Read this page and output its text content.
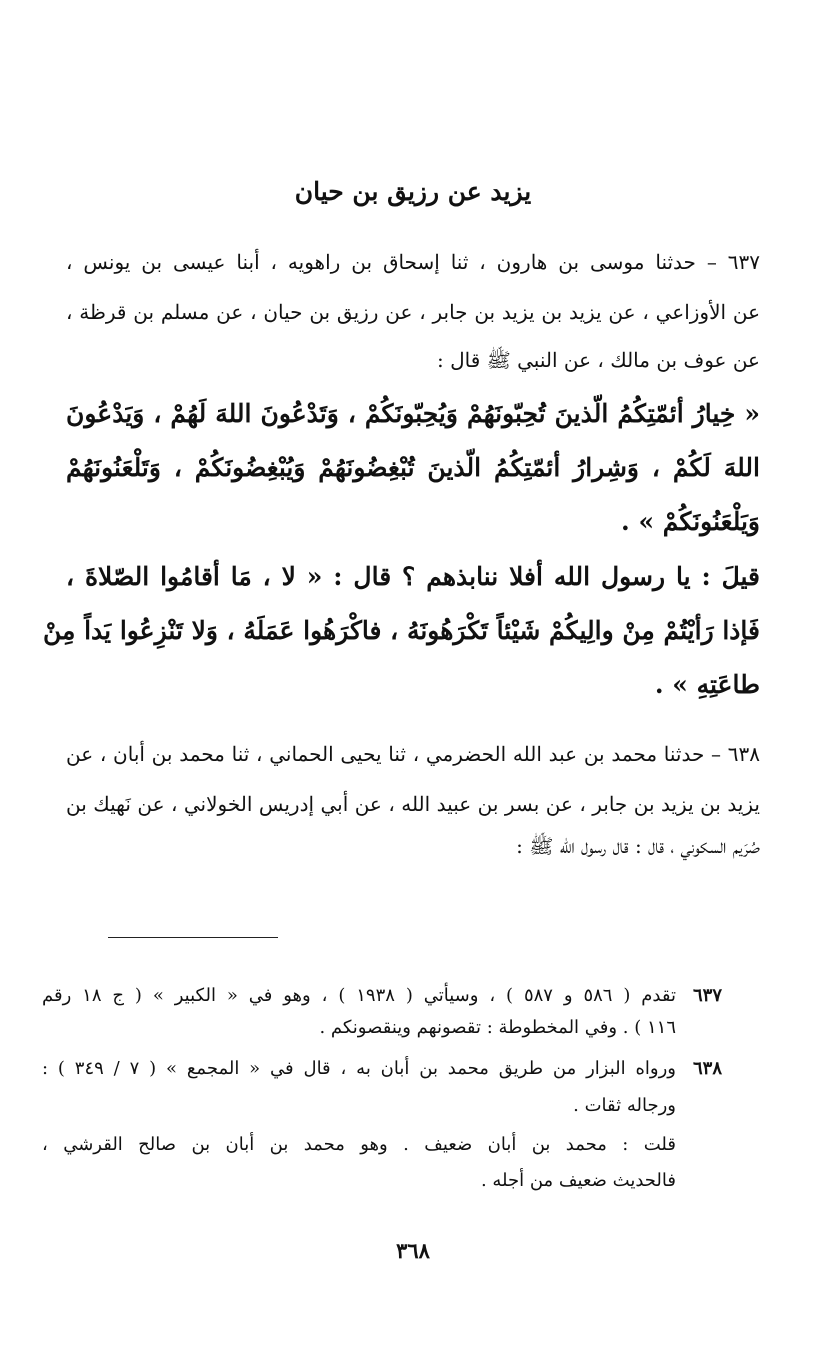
يزيد عن رزيق بن حيان
٦٣٧ – حدثنا موسى بن هارون ، ثنا إسحاق بن راهويه ، أبنا عيسى بن يونس ،
عن الأوزاعي ، عن يزيد بن يزيد بن جابر ، عن رزيق بن حيان ، عن مسلم بن قرظة ،
عن عوف بن مالك ، عن النبي ﷺ قال :
« خِيارُ أئمّتِكُمُ الّذينَ تُحِبّونَهُمْ وَيُحِبّونَكُمْ ، وَتَدْعُونَ اللهَ لَهُمْ ، وَيَدْعُونَ
اللهَ لَكُمْ ، وَشِرارُ أئمّتِكُمُ الّذينَ تُبْغِضُونَهُمْ وَيُبْغِضُونَكُمْ ، وَتَلْعَنُونَهُمْ
وَيَلْعَنُونَكُمْ » .
قيلَ : يا رسول الله أفلا ننابذهم ؟ قال : « لا ، مَا أقامُوا الصّلاةَ ،
فَإذا رَأيْتُمْ مِنْ والِيكُمْ شَيْئاً تَكْرَهُونَهُ ، فاكْرَهُوا عَمَلَهُ ، وَلا تَنْزِعُوا يَداً مِنْ
طاعَتِهِ » .
٦٣٨ – حدثنا محمد بن عبد الله الحضرمي ، ثنا يحيى الحماني ، ثنا محمد بن أبان ، عن
يزيد بن يزيد بن جابر ، عن بسر بن عبيد الله ، عن أبي إدريس الخولاني ، عن نَهيك بن
صُرَيم السكوني ، قال : قال رسول الله ﷺ :
٦٣٧
تقدم ( ٥٨٦ و ٥٨٧ ) ، وسيأتي ( ١٩٣٨ ) ، وهو في « الكبير » ( ج ١٨ رقم
١١٦ ) . وفي المخطوطة : تقصونهم وينقصونكم .
٦٣٨
ورواه البزار من طريق محمد بن أبان به ، قال في « المجمع » ( ٧ / ٣٤٩ ) :
ورجاله ثقات .
قلت : محمد بن أبان ضعيف . وهو محمد بن أبان بن صالح القرشي ،
فالحديث ضعيف من أجله .
٣٦٨
